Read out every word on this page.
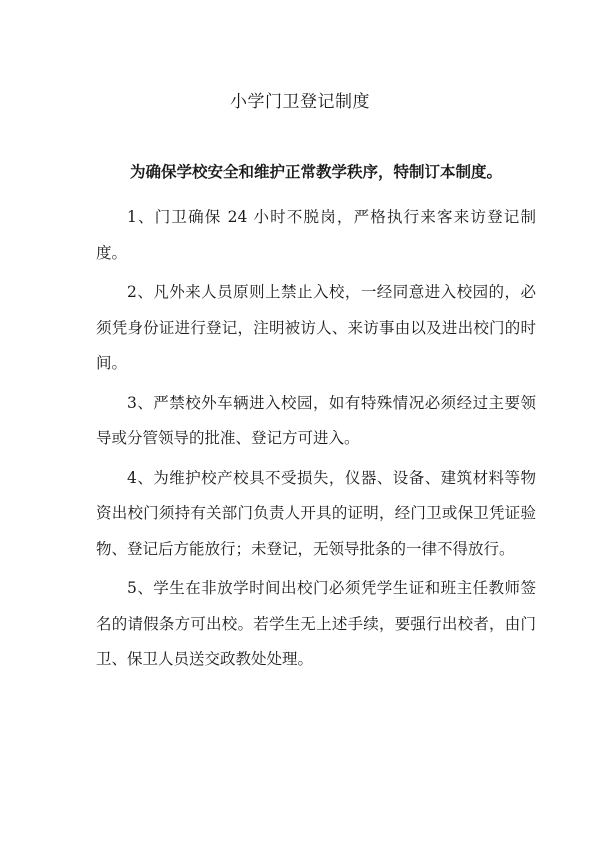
小学门卫登记制度

为确保学校安全和维护正常教学秩序，特制订本制度。

1、门卫确保 24 小时不脱岗，严格执行来客来访登记制度。
2、凡外来人员原则上禁止入校，一经同意进入校园的，必须凭身份证进行登记，注明被访人、来访事由以及进出校门的时间。
3、严禁校外车辆进入校园，如有特殊情况必须经过主要领导或分管领导的批准、登记方可进入。
4、为维护校产校具不受损失，仪器、设备、建筑材料等物资出校门须持有关部门负责人开具的证明，经门卫或保卫凭证验物、登记后方能放行；未登记，无领导批条的一律不得放行。
5、学生在非放学时间出校门必须凭学生证和班主任教师签名的请假条方可出校。若学生无上述手续，要强行出校者，由门卫、保卫人员送交政教处处理。
